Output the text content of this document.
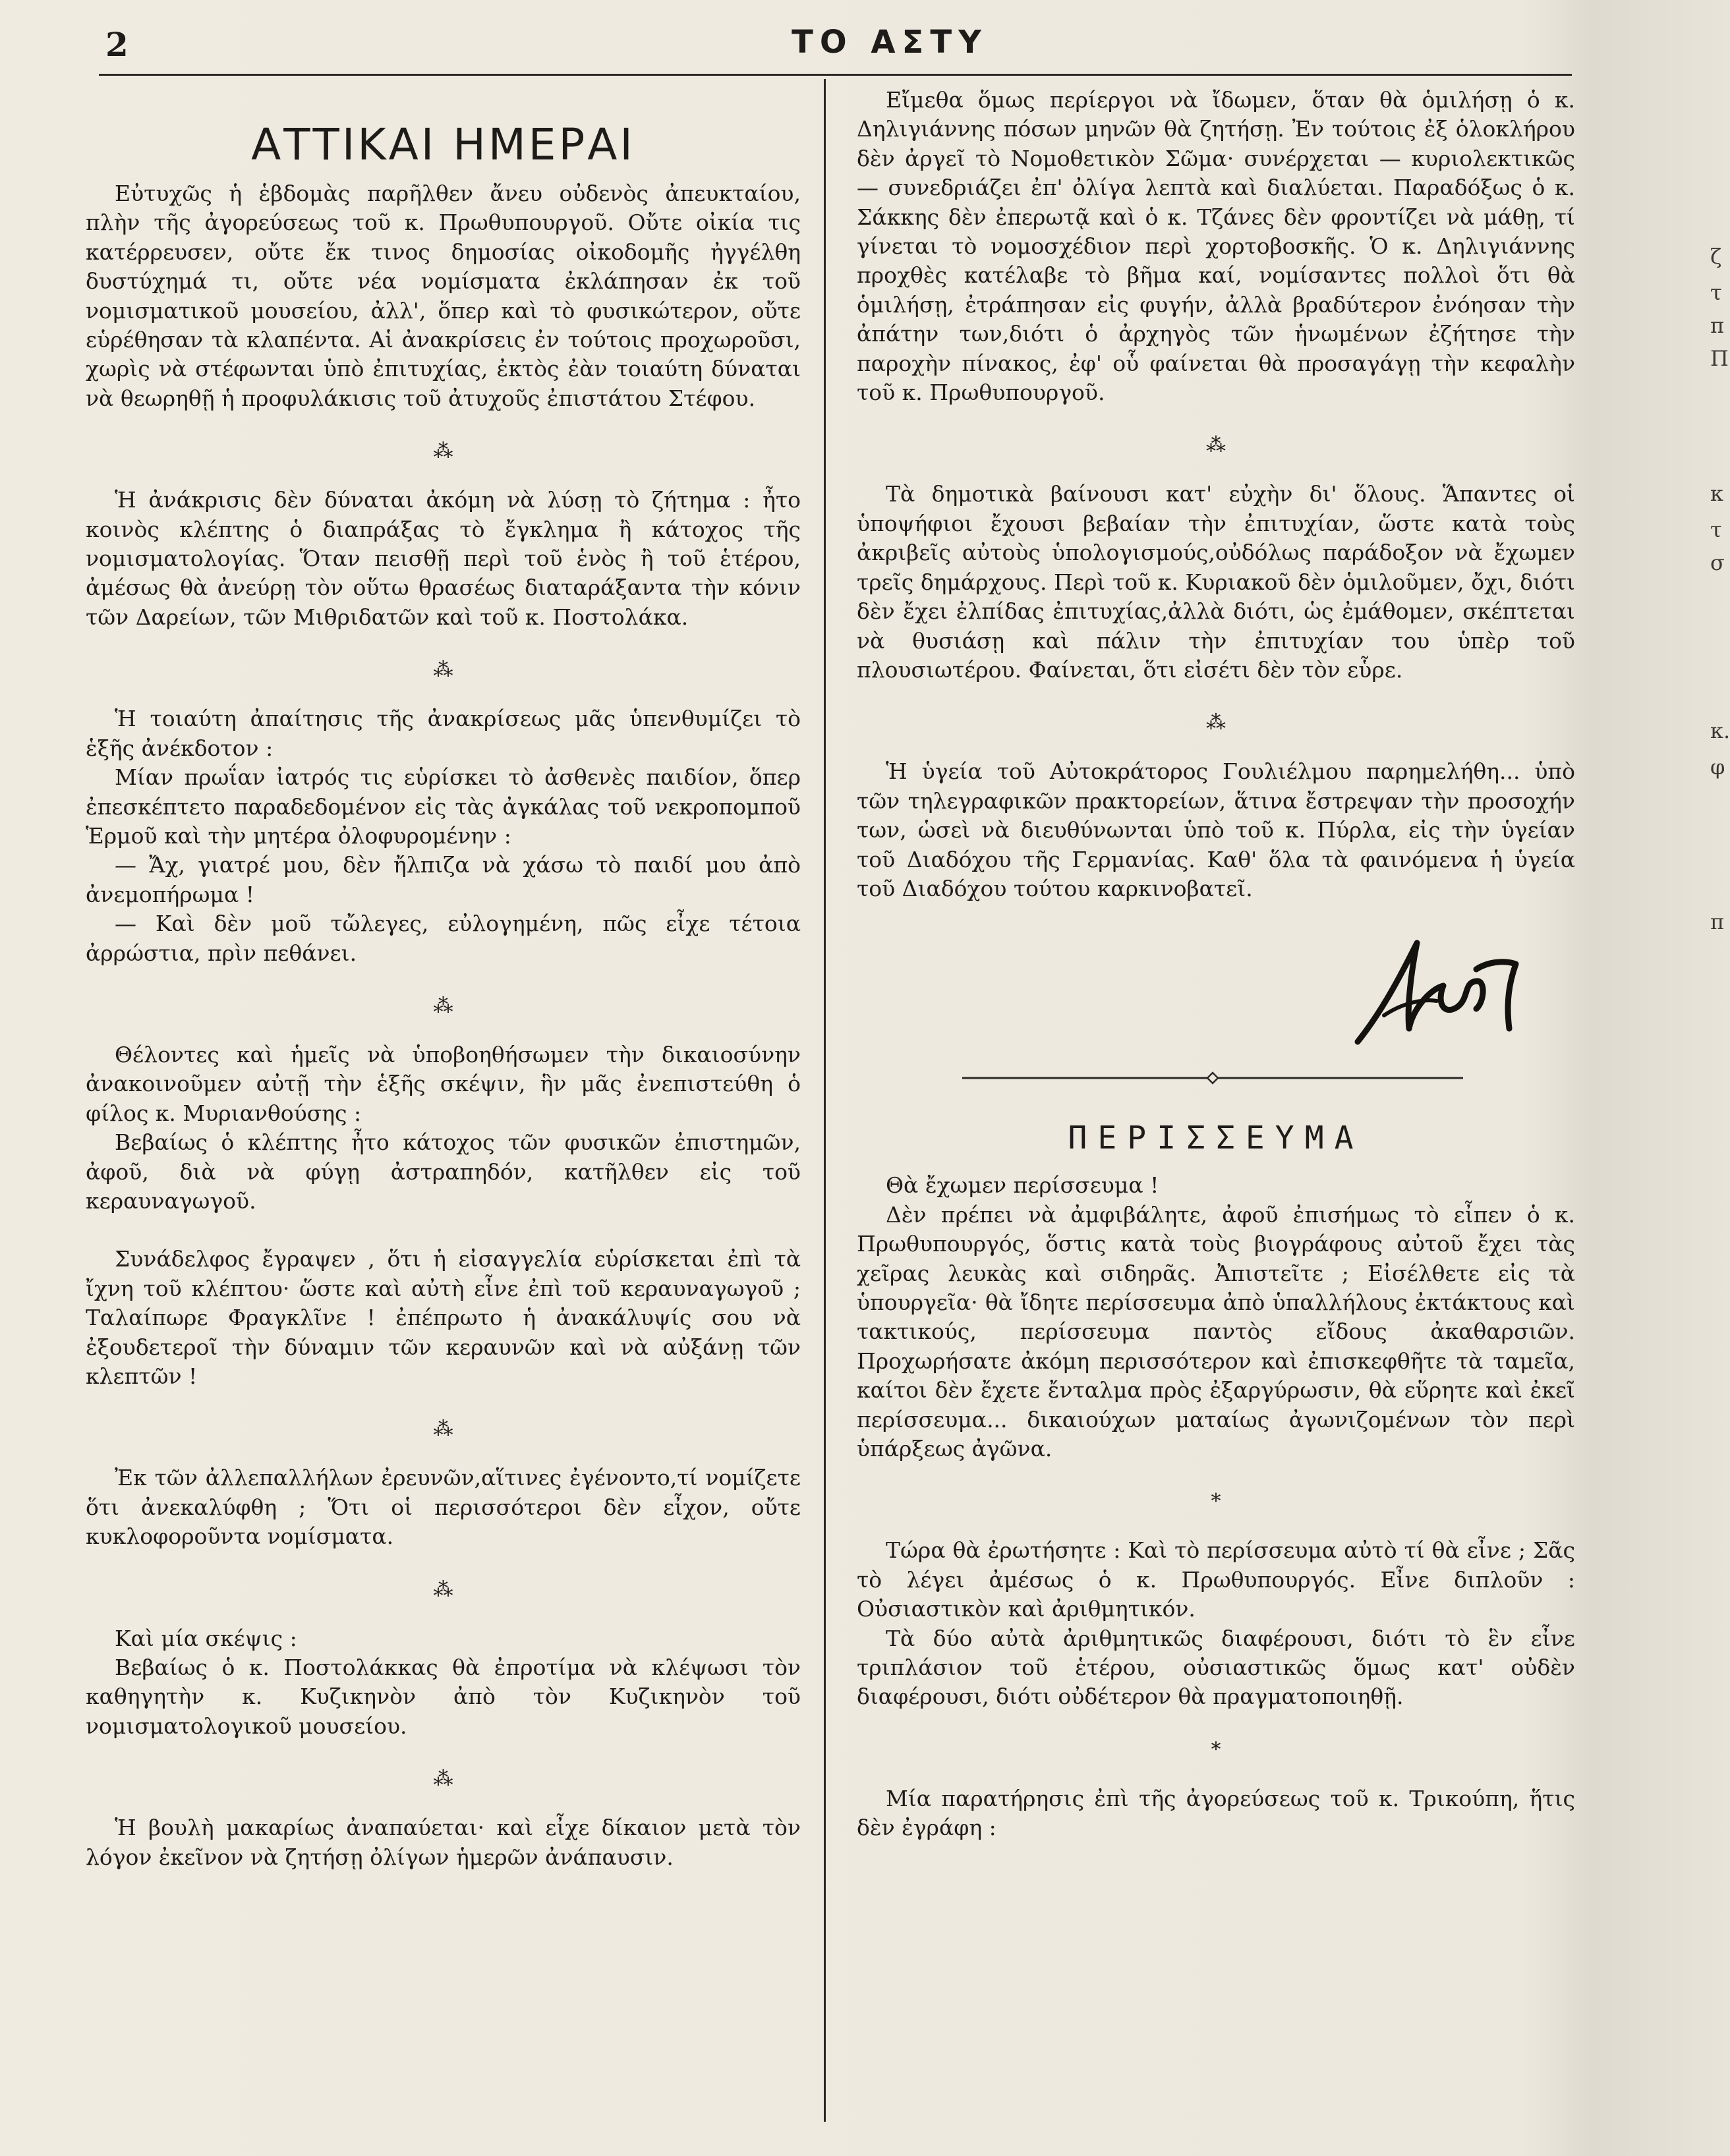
2	ΤΟ ΑΣΤΥ
ΑΤΤΙΚΑΙ ΗΜΕΡΑΙ

Εὐτυχῶς ἡ ἑβδομὰς παρῆλθεν ἄνευ οὐδενὸς ἀπευκταίου, πλὴν τῆς ἀγορεύσεως τοῦ κ. Πρωθυπουργοῦ. Οὔτε οἰκία τις κατέρρευσεν, οὔτε ἔκ τινος δημοσίας οἰκοδομῆς ἠγγέλθη δυστύχημά τι, οὔτε νέα νομίσματα ἐκλάπησαν ἐκ τοῦ νομισματικοῦ μουσείου, ἀλλ', ὅπερ καὶ τὸ φυσικώτερον, οὔτε εὑρέθησαν τὰ κλαπέντα. Αἱ ἀνακρίσεις ἐν τούτοις προχωροῦσι, χωρὶς νὰ στέφωνται ὑπὸ ἐπιτυχίας, ἐκτὸς ἐὰν τοιαύτη δύναται νὰ θεωρηθῇ ἡ προφυλάκισις τοῦ ἀτυχοῦς ἐπιστάτου Στέφου.

⁂

Ἡ ἀνάκρισις δὲν δύναται ἀκόμη νὰ λύσῃ τὸ ζήτημα : ἦτο κοινὸς κλέπτης ὁ διαπράξας τὸ ἔγκλημα ἢ κάτοχος τῆς νομισματολογίας. Ὅταν πεισθῇ περὶ τοῦ ἑνὸς ἢ τοῦ ἑτέρου, ἀμέσως θὰ ἀνεύρῃ τὸν οὕτω θρασέως διαταράξαντα τὴν κόνιν τῶν Δαρείων, τῶν Μιθριδατῶν καὶ τοῦ κ. Ποστολάκα.

⁂

Ἡ τοιαύτη ἀπαίτησις τῆς ἀνακρίσεως μᾶς ὑπενθυμίζει τὸ ἑξῆς ἀνέκδοτον :

Μίαν πρωΐαν ἰατρός τις εὑρίσκει τὸ ἀσθενὲς παιδίον, ὅπερ ἐπεσκέπτετο παραδεδομένον εἰς τὰς ἀγκάλας τοῦ νεκροπομποῦ Ἑρμοῦ καὶ τὴν μητέρα ὀλοφυρομένην :

— Ἄχ, γιατρέ μου, δὲν ἤλπιζα νὰ χάσω τὸ παιδί μου ἀπὸ ἀνεμοπήρωμα !

— Καὶ δὲν μοῦ τὤλεγες, εὐλογημένη, πῶς εἶχε τέτοια ἀρρώστια, πρὶν πεθάνει.

⁂

Θέλοντες καὶ ἡμεῖς νὰ ὑποβοηθήσωμεν τὴν δικαιοσύνην ἀνακοινοῦμεν αὐτῇ τὴν ἑξῆς σκέψιν, ἣν μᾶς ἐνεπιστεύθη ὁ φίλος κ. Μυριανθούσης :

Βεβαίως ὁ κλέπτης ἦτο κάτοχος τῶν φυσικῶν ἐπιστημῶν, ἀφοῦ, διὰ νὰ φύγῃ ἀστραπηδόν, κατῆλθεν εἰς τοῦ κεραυναγωγοῦ.

Συνάδελφος ἔγραψεν , ὅτι ἡ εἰσαγγελία εὑρίσκεται ἐπὶ τὰ ἴχνη τοῦ κλέπτου· ὥστε καὶ αὐτὴ εἶνε ἐπὶ τοῦ κεραυναγωγοῦ ; Ταλαίπωρε Φραγκλῖνε ! ἐπέπρωτο ἡ ἀνακάλυψίς σου νὰ ἐξουδετεροῖ τὴν δύναμιν τῶν κεραυνῶν καὶ νὰ αὐξάνῃ τῶν κλεπτῶν !

⁂

Ἐκ τῶν ἀλλεπαλλήλων ἐρευνῶν,αἵτινες ἐγένοντο,τί νομίζετε ὅτι ἀνεκαλύφθη ; Ὅτι οἱ περισσότεροι δὲν εἶχον, οὔτε κυκλοφοροῦντα νομίσματα.

⁂

Καὶ μία σκέψις :

Βεβαίως ὁ κ. Ποστολάκκας θὰ ἐπροτίμα νὰ κλέψωσι τὸν καθηγητὴν κ. Κυζικηνὸν ἀπὸ τὸν Κυζικηνὸν τοῦ νομισματολογικοῦ μουσείου.

⁂

Ἡ βουλὴ μακαρίως ἀναπαύεται· καὶ εἶχε δίκαιον μετὰ τὸν λόγον ἐκεῖνον νὰ ζητήσῃ ὀλίγων ἡμερῶν ἀνάπαυσιν.

Εἴμεθα ὅμως περίεργοι νὰ ἴδωμεν, ὅταν θὰ ὁμιλήσῃ ὁ κ. Δηλιγιάννης πόσων μηνῶν θὰ ζητήσῃ. Ἐν τούτοις ἐξ ὁλοκλήρου δὲν ἀργεῖ τὸ Νομοθετικὸν Σῶμα· συνέρχεται — κυριολεκτικῶς — συνεδριάζει ἐπ' ὀλίγα λεπτὰ καὶ διαλύεται. Παραδόξως ὁ κ. Σάκκης δὲν ἐπερωτᾷ καὶ ὁ κ. Τζάνες δὲν φροντίζει νὰ μάθῃ, τί γίνεται τὸ νομοσχέδιον περὶ χορτοβοσκῆς. Ὁ κ. Δηλιγιάννης προχθὲς κατέλαβε τὸ βῆμα καί, νομίσαντες πολλοὶ ὅτι θὰ ὁμιλήσῃ, ἐτράπησαν εἰς φυγήν, ἀλλὰ βραδύτερον ἐνόησαν τὴν ἀπάτην των,διότι ὁ ἀρχηγὸς τῶν ἡνωμένων ἐζήτησε τὴν παροχὴν πίνακος, ἐφ' οὗ φαίνεται θὰ προσαγάγῃ τὴν κεφαλὴν τοῦ κ. Πρωθυπουργοῦ.

⁂

Τὰ δημοτικὰ βαίνουσι κατ' εὐχὴν δι' ὅλους. Ἅπαντες οἱ ὑποψήφιοι ἔχουσι βεβαίαν τὴν ἐπιτυχίαν, ὥστε κατὰ τοὺς ἀκριβεῖς αὐτοὺς ὑπολογισμούς,οὐδόλως παράδοξον νὰ ἔχωμεν τρεῖς δημάρχους. Περὶ τοῦ κ. Κυριακοῦ δὲν ὁμιλοῦμεν, ὄχι, διότι δὲν ἔχει ἐλπίδας ἐπιτυχίας,ἀλλὰ διότι, ὡς ἐμάθομεν, σκέπτεται νὰ θυσιάσῃ καὶ πάλιν τὴν ἐπιτυχίαν του ὑπὲρ τοῦ πλουσιωτέρου. Φαίνεται, ὅτι εἰσέτι δὲν τὸν εὗρε.

⁂

Ἡ ὑγεία τοῦ Αὐτοκράτορος Γουλιέλμου παρημελήθη... ὑπὸ τῶν τηλεγραφικῶν πρακτορείων, ἅτινα ἔστρεψαν τὴν προσοχήν των, ὡσεὶ νὰ διευθύνωνται ὑπὸ τοῦ κ. Πύρλα, εἰς τὴν ὑγείαν τοῦ Διαδόχου τῆς Γερμανίας. Καθ' ὅλα τὰ φαινόμενα ἡ ὑγεία τοῦ Διαδόχου τούτου καρκινοβατεῖ.

ΠΕΡΙΣΣΕΥΜΑ

Θὰ ἔχωμεν περίσσευμα !

Δὲν πρέπει νὰ ἀμφιβάλητε, ἀφοῦ ἐπισήμως τὸ εἶπεν ὁ κ. Πρωθυπουργός, ὅστις κατὰ τοὺς βιογράφους αὐτοῦ ἔχει τὰς χεῖρας λευκὰς καὶ σιδηρᾶς. Ἀπιστεῖτε ; Εἰσέλθετε εἰς τὰ ὑπουργεῖα· θὰ ἴδητε περίσσευμα ἀπὸ ὑπαλλήλους ἐκτάκτους καὶ τακτικούς, περίσσευμα παντὸς εἴδους ἀκαθαρσιῶν. Προχωρήσατε ἀκόμη περισσότερον καὶ ἐπισκεφθῆτε τὰ ταμεῖα, καίτοι δὲν ἔχετε ἔνταλμα πρὸς ἐξαργύρωσιν, θὰ εὕρητε καὶ ἐκεῖ περίσσευμα... δικαιούχων ματαίως ἀγωνιζομένων τὸν περὶ ὑπάρξεως ἀγῶνα.

*

Τώρα θὰ ἐρωτήσητε : Καὶ τὸ περίσσευμα αὐτὸ τί θὰ εἶνε ; Σᾶς τὸ λέγει ἀμέσως ὁ κ. Πρωθυπουργός. Εἶνε διπλοῦν : Οὐσιαστικὸν καὶ ἀριθμητικόν.

Τὰ δύο αὐτὰ ἀριθμητικῶς διαφέρουσι, διότι τὸ ἓν εἶνε τριπλάσιον τοῦ ἑτέρου, οὐσιαστικῶς ὅμως κατ' οὐδὲν διαφέρουσι, διότι οὐδέτερον θὰ πραγματοποιηθῇ.

*

Μία παρατήρησις ἐπὶ τῆς ἀγορεύσεως τοῦ κ. Τρικούπη, ἥτις δὲν ἐγράφη :

ζ
τ
π
Π
κ
τ
σ
κ.
φ
π
